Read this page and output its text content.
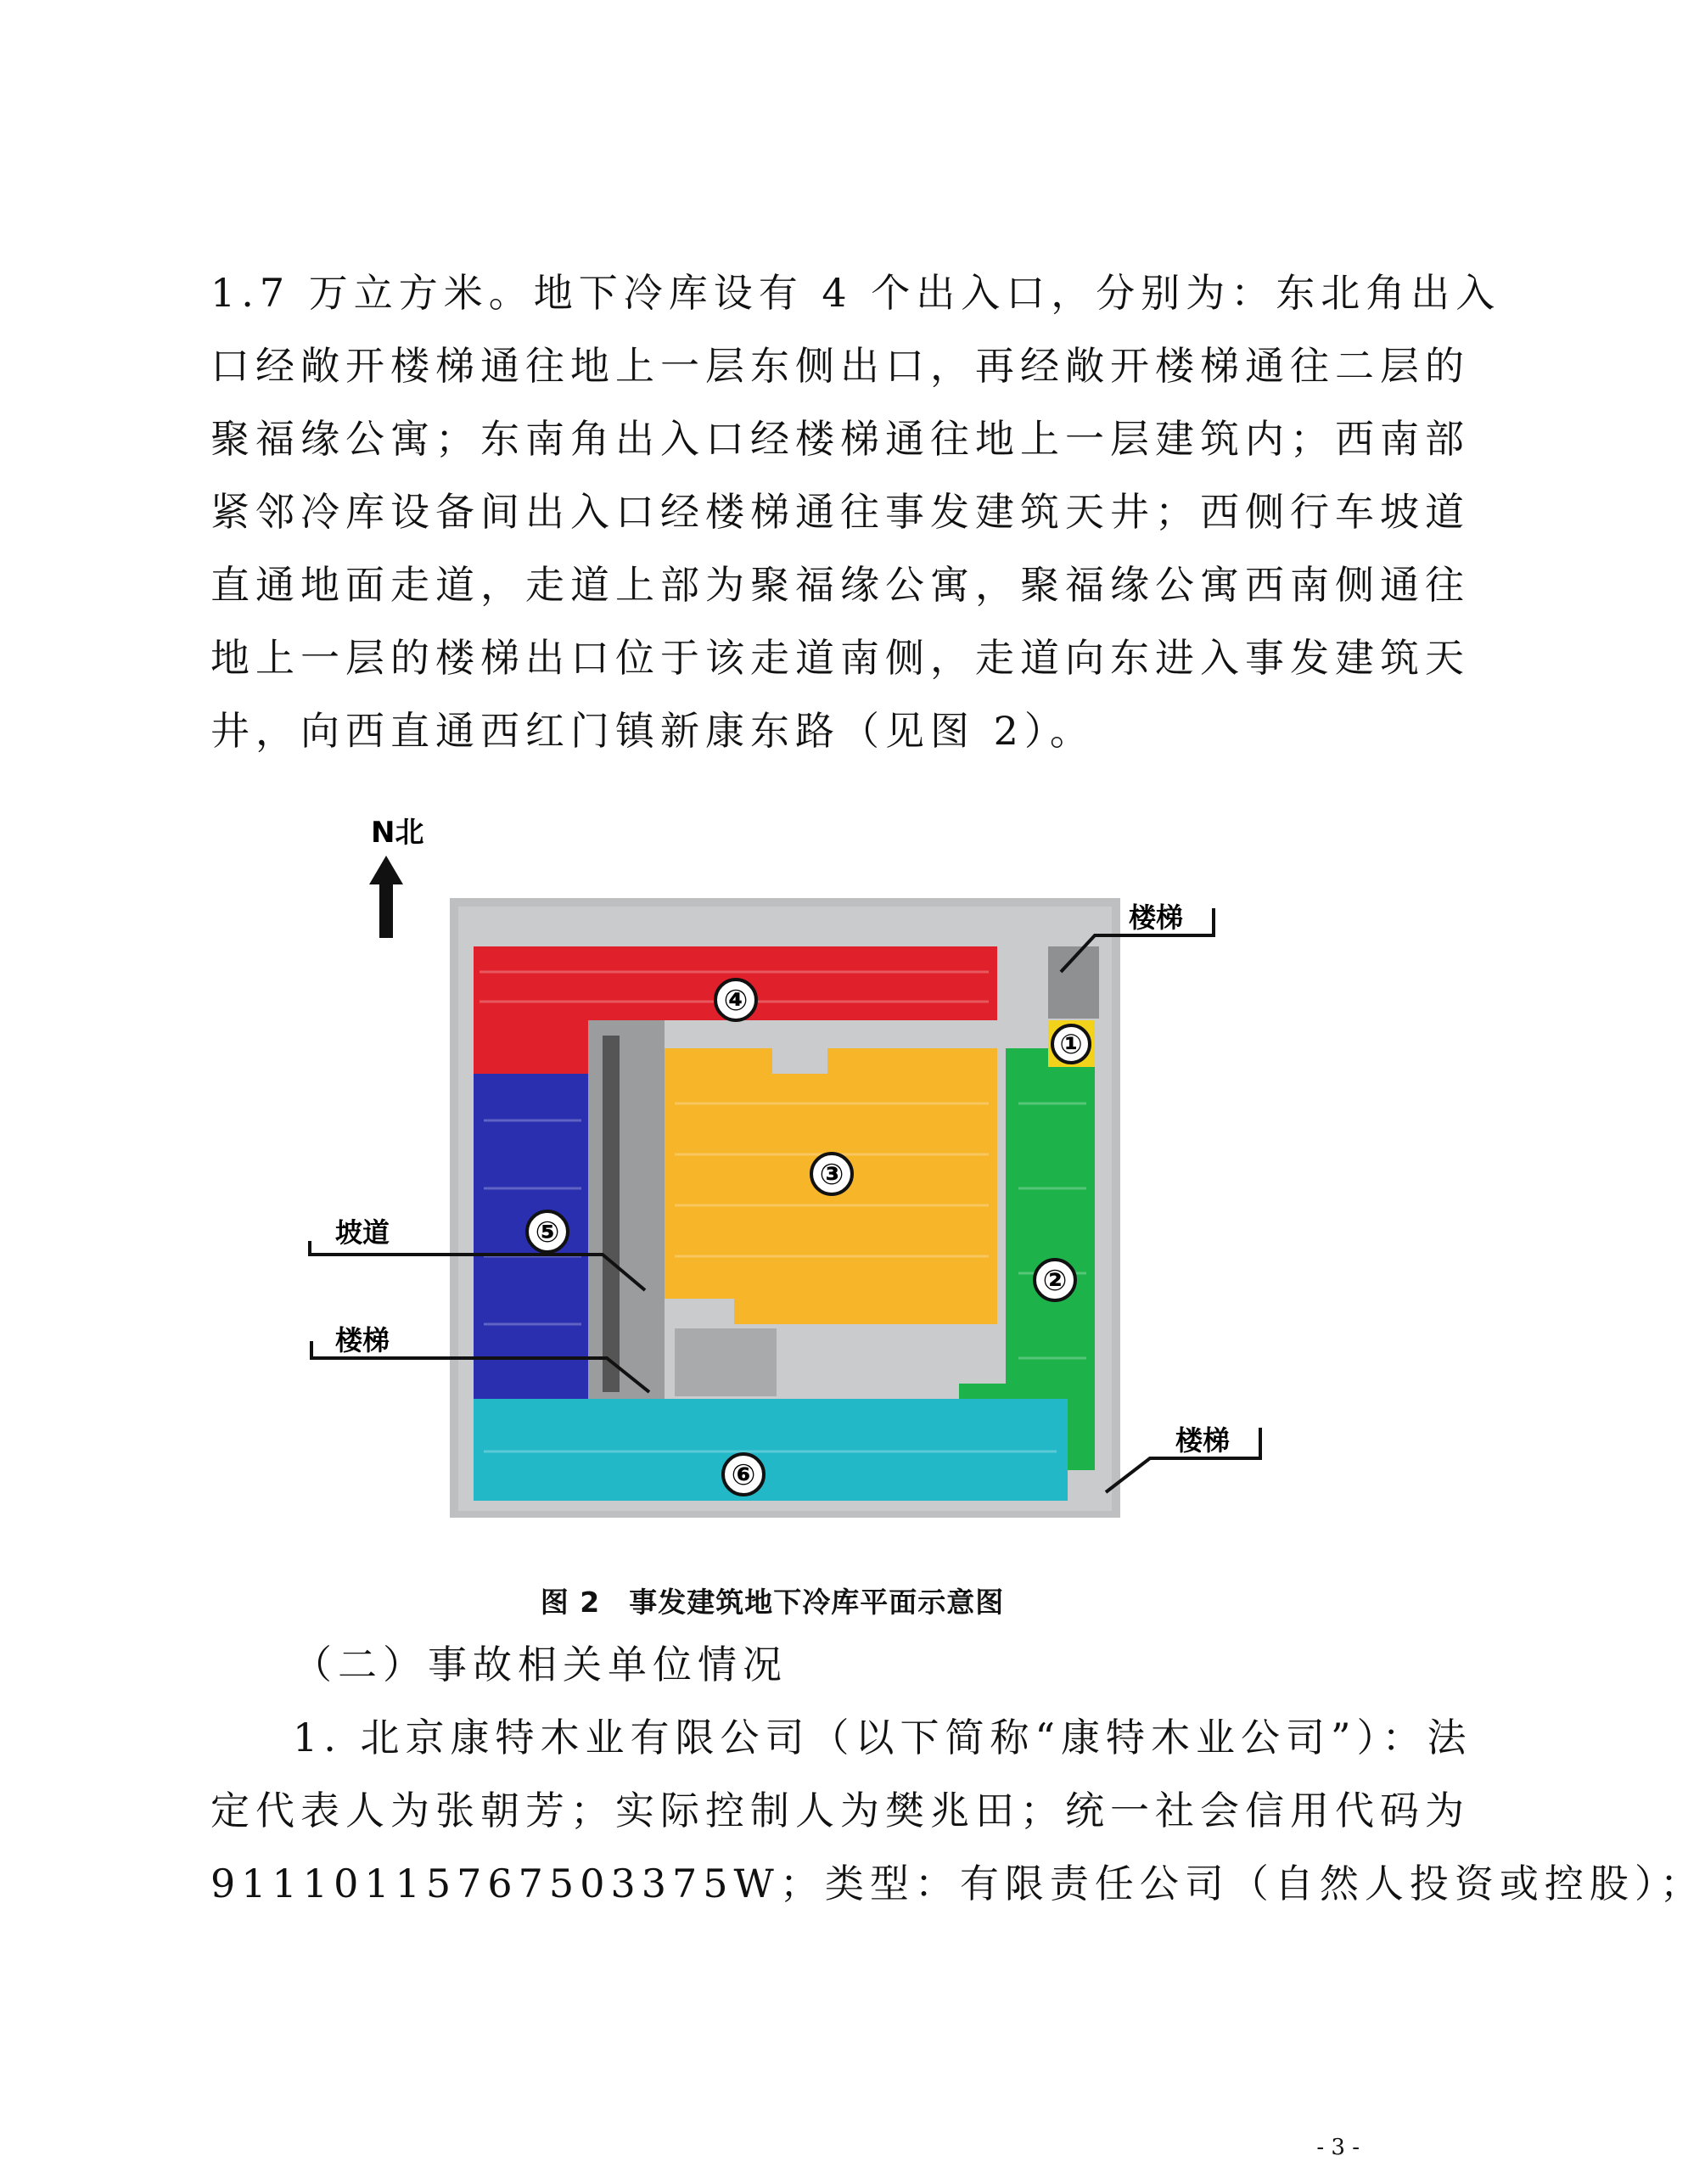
1.7 万立方米。地下冷库设有 4 个出入口，分别为：东北角出入
口经敞开楼梯通往地上一层东侧出口，再经敞开楼梯通往二层的
聚福缘公寓；东南角出入口经楼梯通往地上一层建筑内；西南部
紧邻冷库设备间出入口经楼梯通往事发建筑天井；西侧行车坡道
直通地面走道，走道上部为聚福缘公寓，聚福缘公寓西南侧通往
地上一层的楼梯出口位于该走道南侧，走道向东进入事发建筑天
井，向西直通西红门镇新康东路（见图 2）。
N北
①
②
③
④
⑤
⑥
楼梯
坡道
楼梯
楼梯
图 2　事发建筑地下冷库平面示意图
（二）事故相关单位情况
1. 北京康特木业有限公司（以下简称“康特木业公司”）：法
定代表人为张朝芳；实际控制人为樊兆田；统一社会信用代码为
91110115767503375W；类型：有限责任公司（自然人投资或控股）；
- 3 -
